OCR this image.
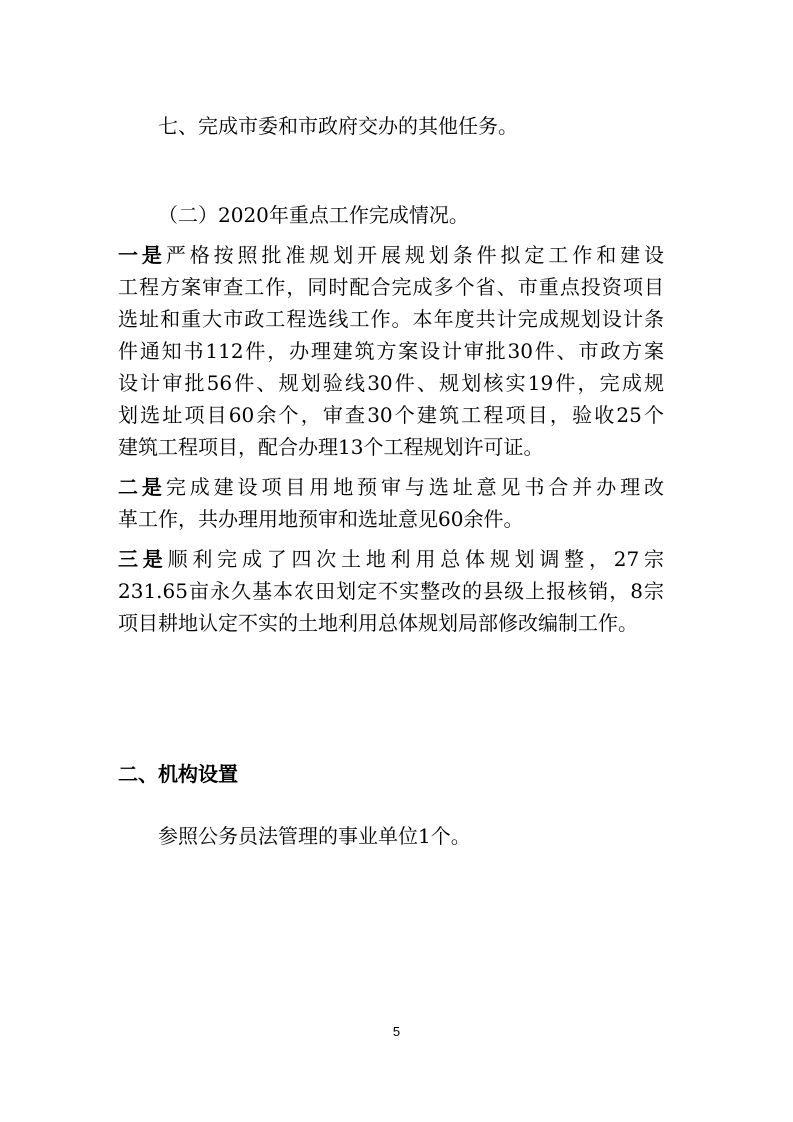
七、完成市委和市政府交办的其他任务。

（二）2020年重点工作完成情况。

一是严格按照批准规划开展规划条件拟定工作和建设

工程方案审查工作，同时配合完成多个省、市重点投资项目

选址和重大市政工程选线工作。本年度共计完成规划设计条

件通知书112件，办理建筑方案设计审批30件、市政方案

设计审批56件、规划验线30件、规划核实19件，完成规

划选址项目60余个，审查30个建筑工程项目，验收25个

建筑工程项目，配合办理13个工程规划许可证。

二是完成建设项目用地预审与选址意见书合并办理改

革工作，共办理用地预审和选址意见60余件。

三是顺利完成了四次土地利用总体规划调整，27宗

231.65亩永久基本农田划定不实整改的县级上报核销，8宗

项目耕地认定不实的土地利用总体规划局部修改编制工作。

二、机构设置

参照公务员法管理的事业单位1个。

5
